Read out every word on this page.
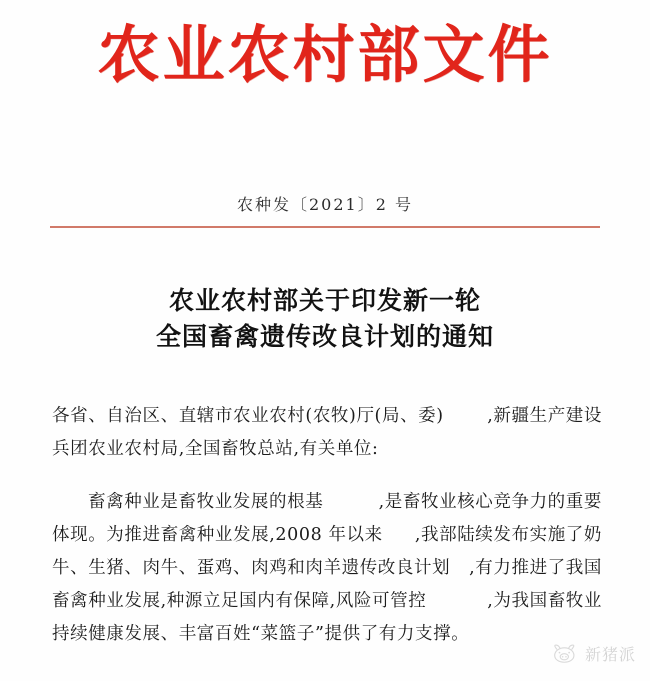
农业农村部文件
农种发〔2021〕2 号
农业农村部关于印发新一轮
全国畜禽遗传改良计划的通知
各省、自治区、直辖市农业农村(农牧)厅(局、委) ,新疆生产建设
兵团农业农村局,全国畜牧总站,有关单位:
畜禽种业是畜牧业发展的根基	,是畜牧业核心竞争力的重要
体现。为推进畜禽种业发展,2008 年以来 ,我部陆续发布实施了奶
牛、生猪、肉牛、蛋鸡、肉鸡和肉羊遗传改良计划 ,有力推进了我国
畜禽种业发展,种源立足国内有保障,风险可管控	,为我国畜牧业
持续健康发展、丰富百姓“菜篮子”提供了有力支撑。
新猪派
